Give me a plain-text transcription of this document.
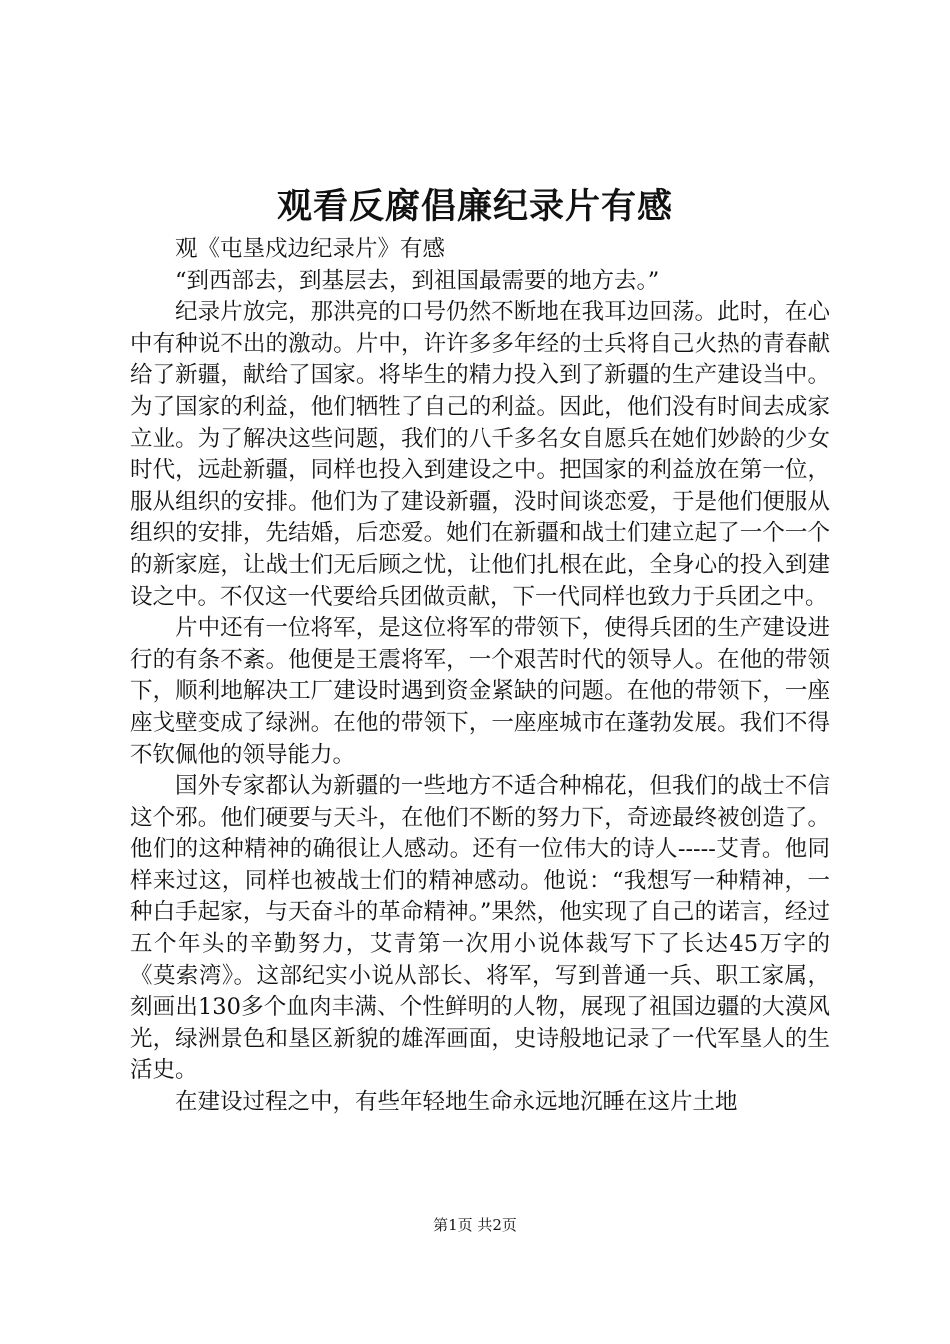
观看反腐倡廉纪录片有感

观《屯垦戍边纪录片》有感

“到西部去，到基层去，到祖国最需要的地方去。”

纪录片放完，那洪亮的口号仍然不断地在我耳边回荡。此时，在心中有种说不出的激动。片中，许许多多年经的士兵将自己火热的青春献给了新疆，献给了国家。将毕生的精力投入到了新疆的生产建设当中。为了国家的利益，他们牺牲了自己的利益。因此，他们没有时间去成家立业。为了解决这些问题，我们的八千多名女自愿兵在她们妙龄的少女时代，远赴新疆，同样也投入到建设之中。把国家的利益放在第一位，服从组织的安排。他们为了建设新疆，没时间谈恋爱，于是他们便服从组织的安排，先结婚，后恋爱。她们在新疆和战士们建立起了一个一个的新家庭，让战士们无后顾之忧，让他们扎根在此，全身心的投入到建设之中。不仅这一代要给兵团做贡献，下一代同样也致力于兵团之中。

片中还有一位将军，是这位将军的带领下，使得兵团的生产建设进行的有条不紊。他便是王震将军，一个艰苦时代的领导人。在他的带领下，顺利地解决工厂建设时遇到资金紧缺的问题。在他的带领下，一座座戈壁变成了绿洲。在他的带领下，一座座城市在蓬勃发展。我们不得不钦佩他的领导能力。

国外专家都认为新疆的一些地方不适合种棉花，但我们的战士不信这个邪。他们硬要与天斗，在他们不断的努力下，奇迹最终被创造了。他们的这种精神的确很让人感动。还有一位伟大的诗人-----艾青。他同样来过这，同样也被战士们的精神感动。他说：“我想写一种精神，一种白手起家，与天奋斗的革命精神。”果然，他实现了自己的诺言，经过五个年头的辛勤努力，艾青第一次用小说体裁写下了长达45万字的《莫索湾》。这部纪实小说从部长、将军，写到普通一兵、职工家属，刻画出130多个血肉丰满、个性鲜明的人物，展现了祖国边疆的大漠风光，绿洲景色和垦区新貌的雄浑画面，史诗般地记录了一代军垦人的生活史。

在建设过程之中，有些年轻地生命永远地沉睡在这片土地

第1页 共2页
